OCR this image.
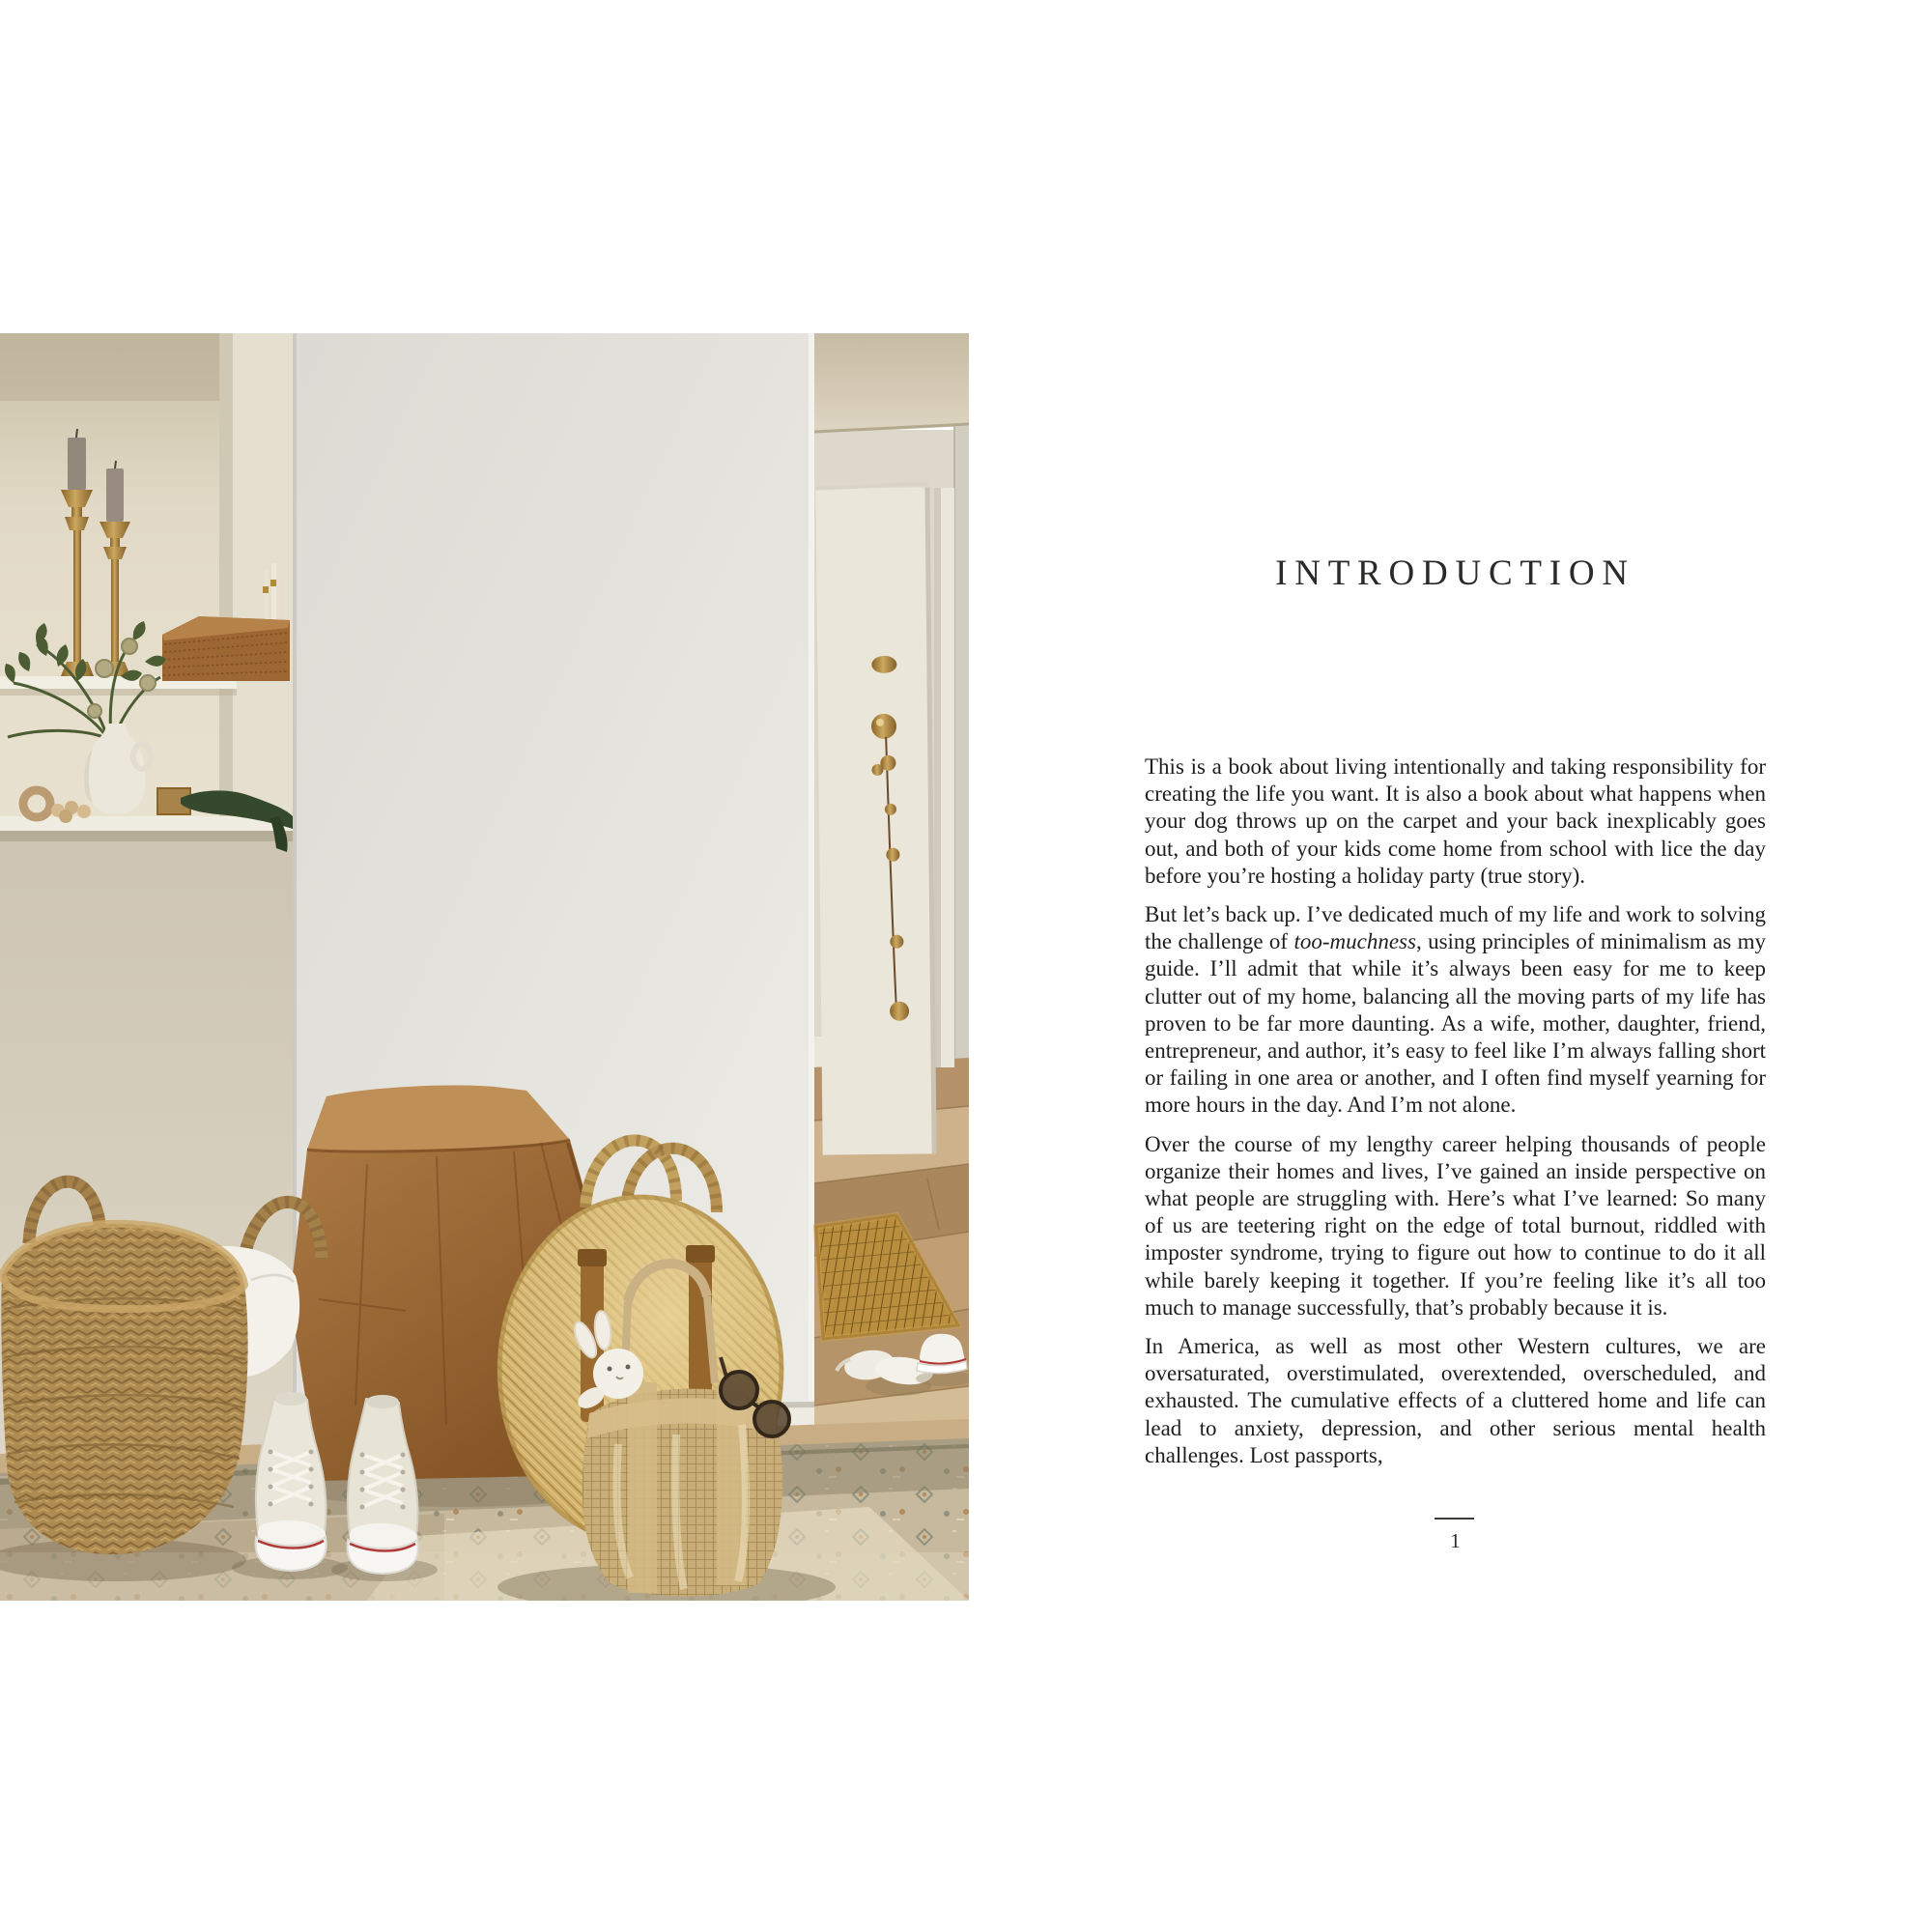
INTRODUCTION

This is a book about living intentionally and taking responsibility for creating the life you want. It is also a book about what happens when your dog throws up on the carpet and your back inexplicably goes out, and both of your kids come home from school with lice the day before you’re hosting a holiday party (true story).

But let’s back up. I’ve dedicated much of my life and work to solving the challenge of too-muchness, using principles of minimalism as my guide. I’ll admit that while it’s always been easy for me to keep clutter out of my home, balancing all the moving parts of my life has proven to be far more daunting. As a wife, mother, daughter, friend, entrepreneur, and author, it’s easy to feel like I’m always falling short or failing in one area or another, and I often find myself yearning for more hours in the day. And I’m not alone.

Over the course of my lengthy career helping thousands of people organize their homes and lives, I’ve gained an inside perspective on what people are struggling with. Here’s what I’ve learned: So many of us are teetering right on the edge of total burnout, riddled with imposter syndrome, trying to figure out how to continue to do it all while barely keeping it together. If you’re feeling like it’s all too much to manage successfully, that’s probably because it is.

In America, as well as most other Western cultures, we are oversaturated, overstimulated, overextended, overscheduled, and exhausted. The cumulative effects of a cluttered home and life can lead to anxiety, depression, and other serious mental health challenges. Lost passports,

1
